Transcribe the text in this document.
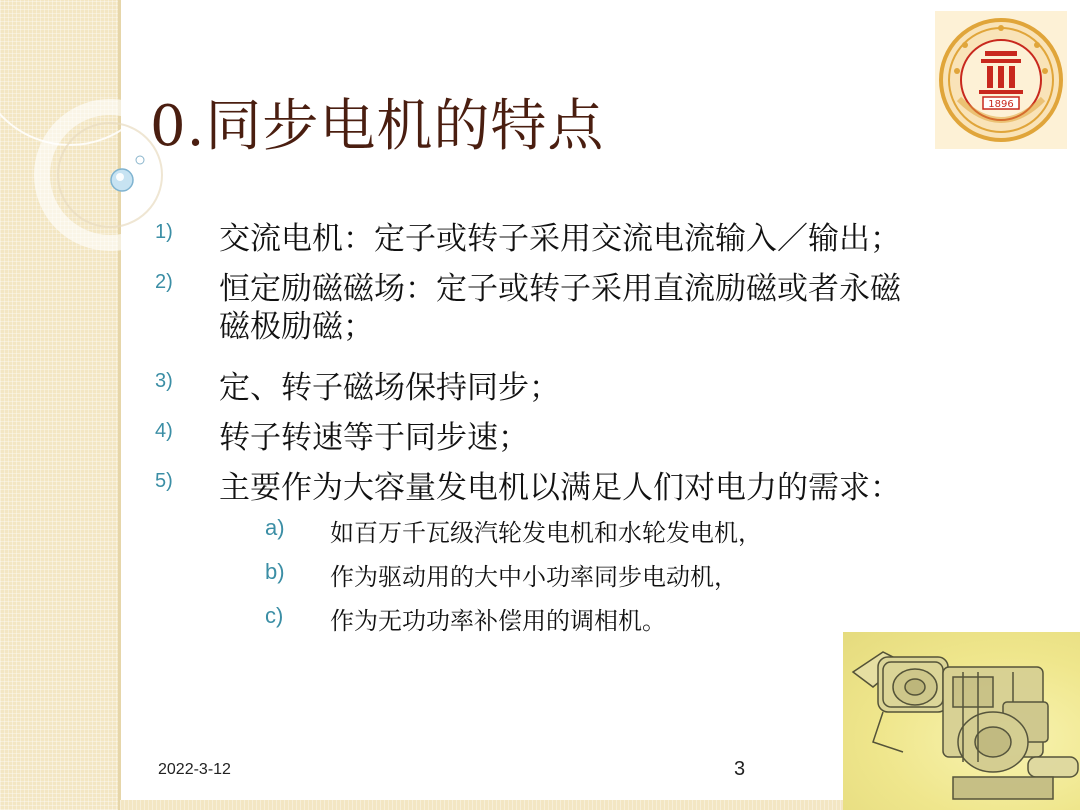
0.同步电机的特点
1) 交流电机：定子或转子采用交流电流输入／输出；
2) 恒定励磁磁场：定子或转子采用直流励磁或者永磁
磁极励磁；
3) 定、转子磁场保持同步；
4) 转子转速等于同步速；
5) 主要作为大容量发电机以满足人们对电力的需求：
a) 如百万千瓦级汽轮发电机和水轮发电机，
b) 作为驱动用的大中小功率同步电动机，
c) 作为无功功率补偿用的调相机。
2022-3-12	3
1896
